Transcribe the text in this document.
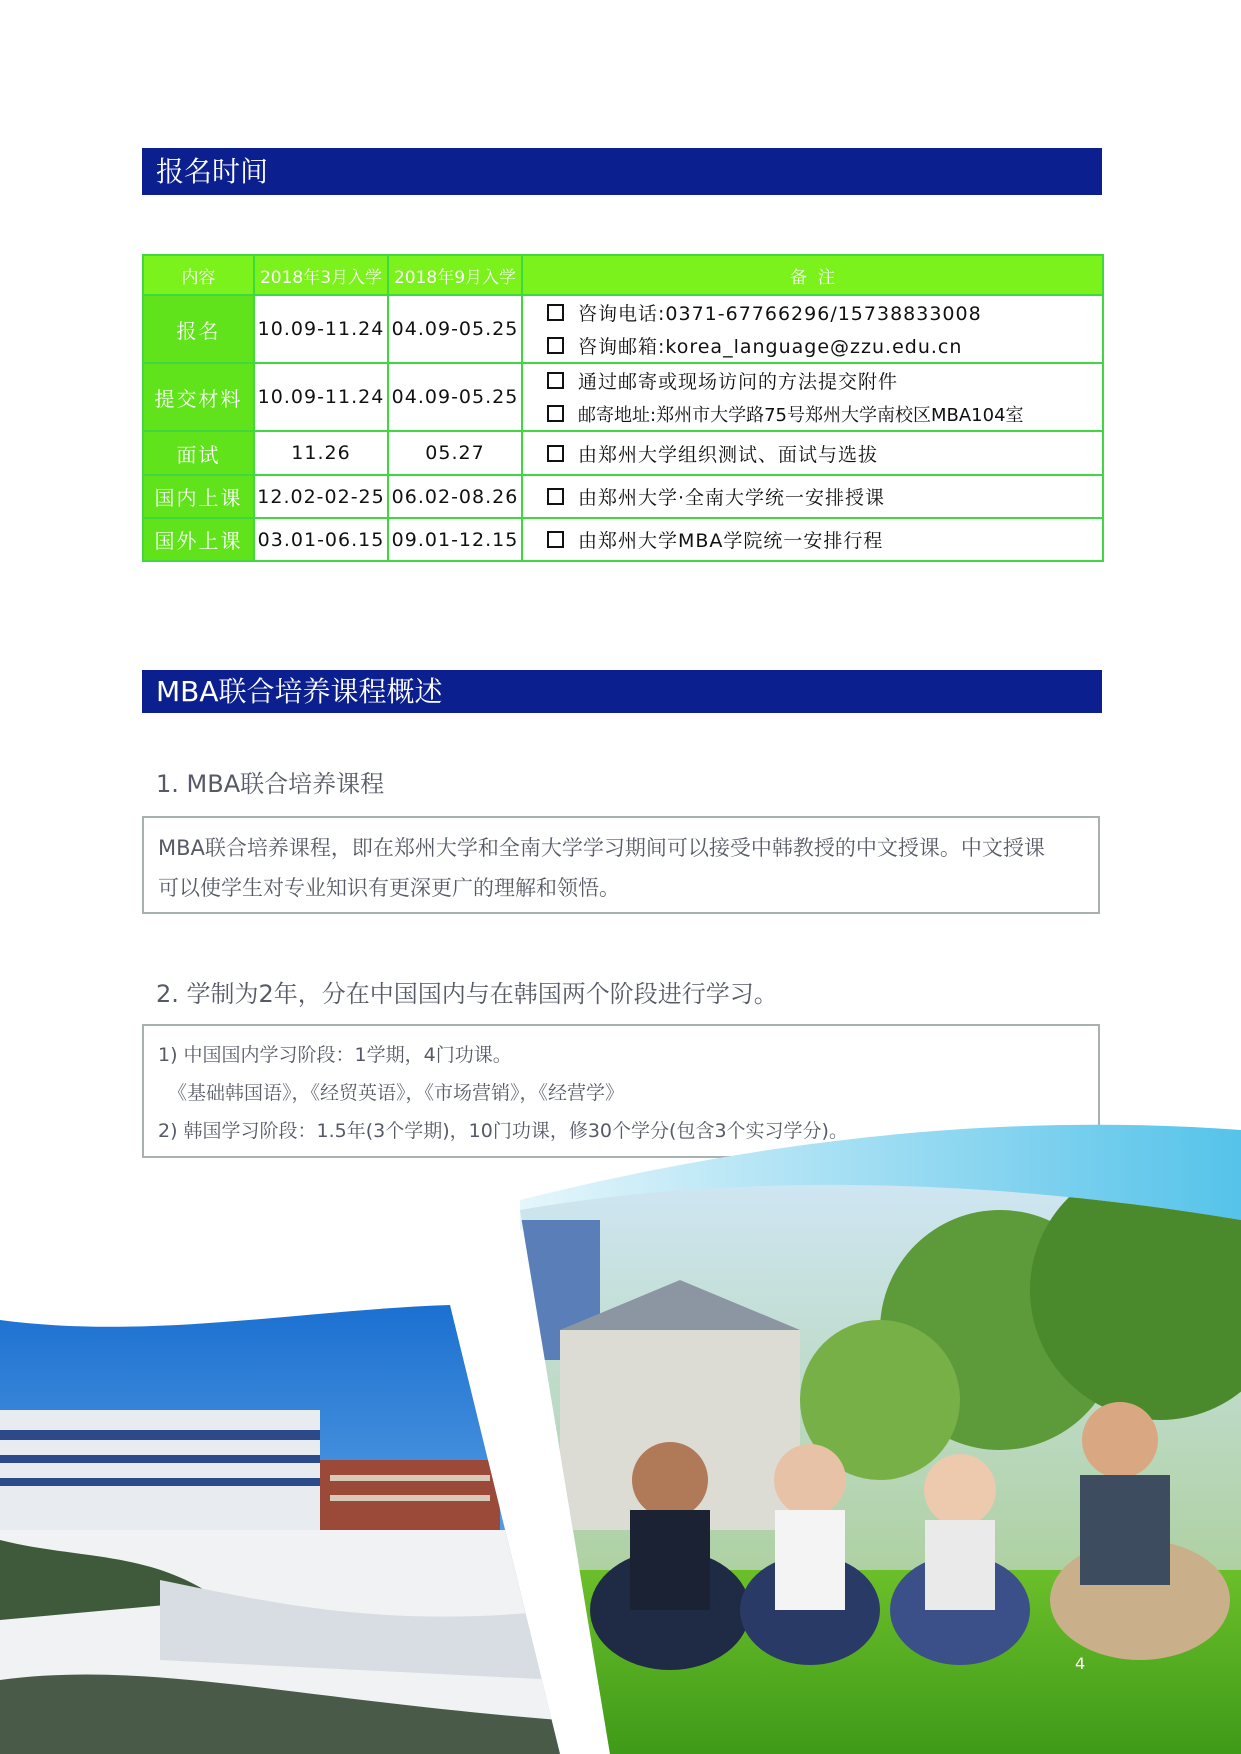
报名时间
内容	2018年3月入学	2018年9月入学	备  注
报名	10.09-11.24	04.09-05.25	咨询电话:0371-67766296/15738833008
咨询邮箱:korea_language@zzu.edu.cn

提交材料	10.09-11.24	04.09-05.25	通过邮寄或现场访问的方法提交附件
邮寄地址:郑州市大学路75号郑州大学南校区MBA104室

面试	11.26	05.27	由郑州大学组织测试、面试与选拔

国内上课	12.02-02-25	06.02-08.26	由郑州大学·全南大学统一安排授课

国外上课	03.01-06.15	09.01-12.15	由郑州大学MBA学院统一安排行程
MBA联合培养课程概述
1. MBA联合培养课程

MBA联合培养课程，即在郑州大学和全南大学学习期间可以接受中韩教授的中文授课。中文授课

可以使学生对专业知识有更深更广的理解和领悟。

2. 学制为2年，分在中国国内与在韩国两个阶段进行学习。

1) 中国国内学习阶段：1学期，4门功课。

《基础韩国语》，《经贸英语》，《市场营销》，《经营学》

2) 韩国学习阶段：1.5年(3个学期)，10门功课，修30个学分(包含3个实习学分)。

4
